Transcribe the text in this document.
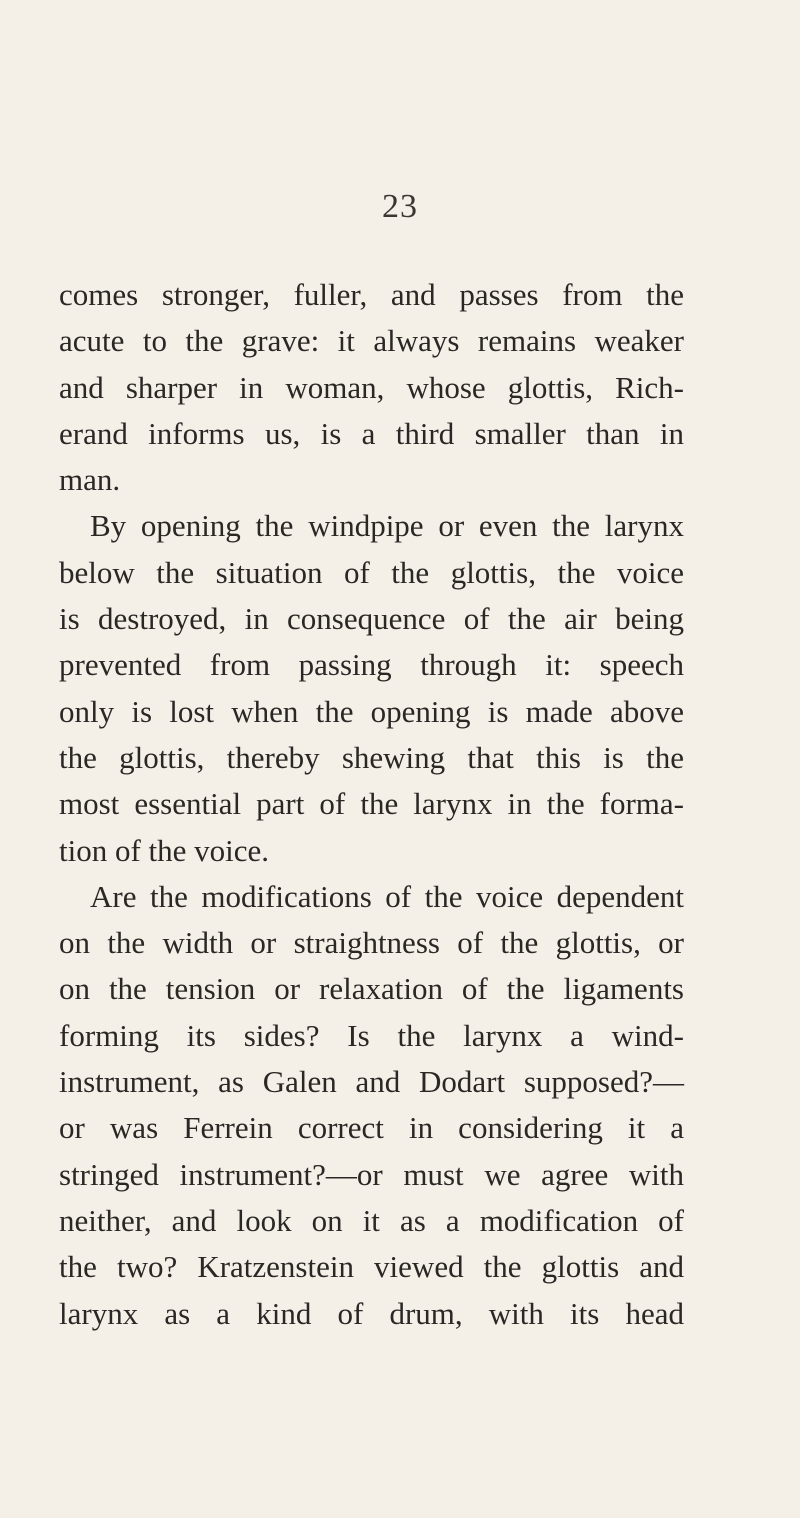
23
comes stronger, fuller, and passes from the
acute to the grave: it always remains weaker
and sharper in woman, whose glottis, Rich-
erand informs us, is a third smaller than in
man.
By opening the windpipe or even the larynx
below the situation of the glottis, the voice
is destroyed, in consequence of the air being
prevented from passing through it: speech
only is lost when the opening is made above
the glottis, thereby shewing that this is the
most essential part of the larynx in the forma-
tion of the voice.
Are the modifications of the voice dependent
on the width or straightness of the glottis, or
on the tension or relaxation of the ligaments
forming its sides? Is the larynx a wind-
instrument, as Galen and Dodart supposed?—
or was Ferrein correct in considering it a
stringed instrument?—or must we agree with
neither, and look on it as a modification of
the two? Kratzenstein viewed the glottis and
larynx as a kind of drum, with its head
